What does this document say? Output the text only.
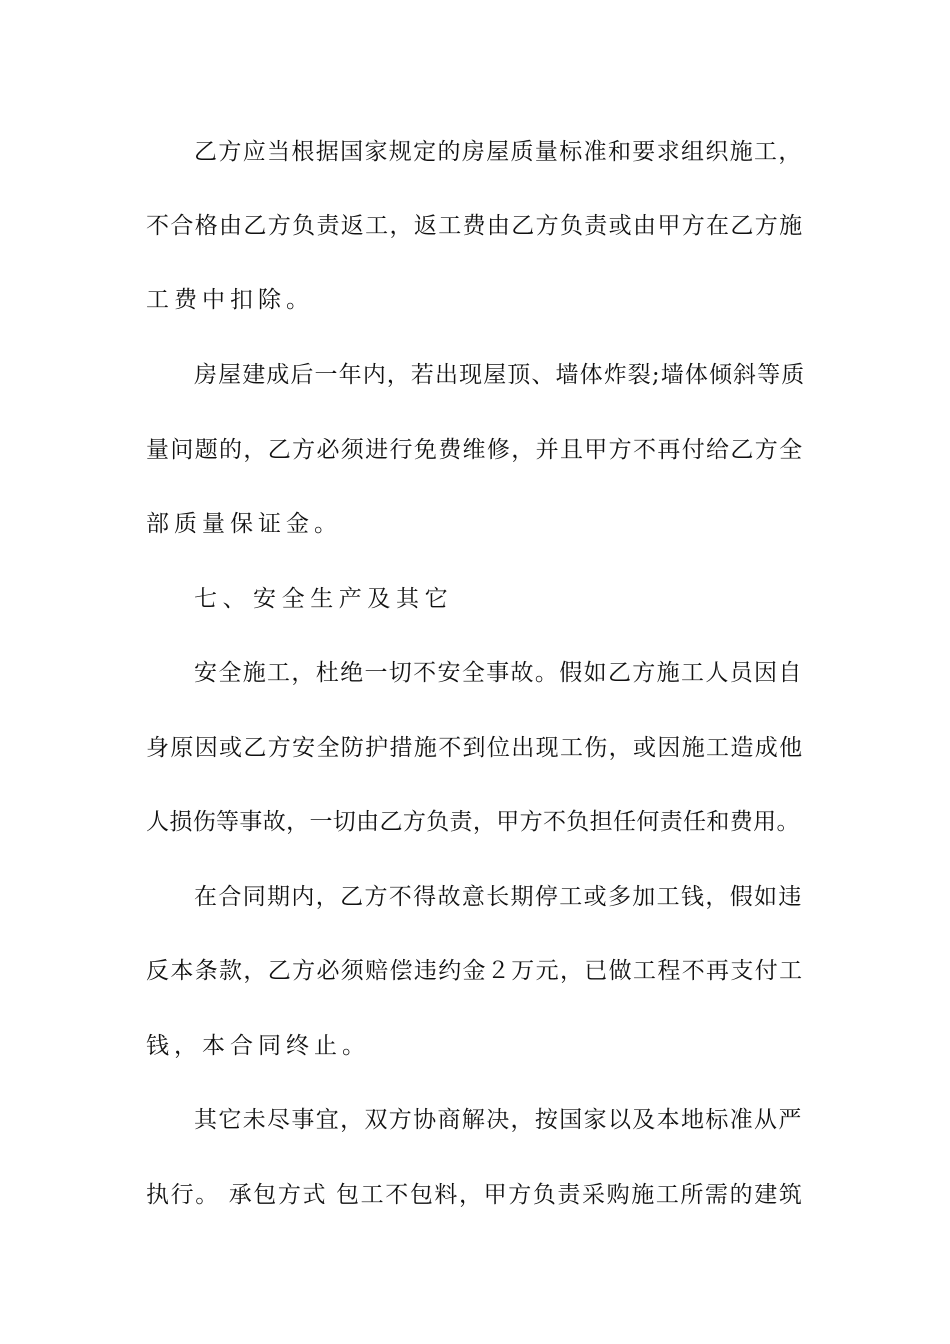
乙方应当根据国家规定的房屋质量标准和要求组织施工，
不合格由乙方负责返工，返工费由乙方负责或由甲方在乙方施
工费中扣除。
房屋建成后一年内，若出现屋顶、墙体炸裂;墙体倾斜等质
量问题的，乙方必须进行免费维修，并且甲方不再付给乙方全
部质量保证金。
七、 安全生产及其它
安全施工，杜绝一切不安全事故。假如乙方施工人员因自
身原因或乙方安全防护措施不到位出现工伤，或因施工造成他
人损伤等事故，一切由乙方负责，甲方不负担任何责任和费用。
在合同期内，乙方不得故意长期停工或多加工钱，假如违
反本条款，乙方必须赔偿违约金２万元，已做工程不再支付工
钱，本合同终止。
其它未尽事宜，双方协商解决，按国家以及本地标准从严
执行。 承包方式 包工不包料，甲方负责采购施工所需的建筑
